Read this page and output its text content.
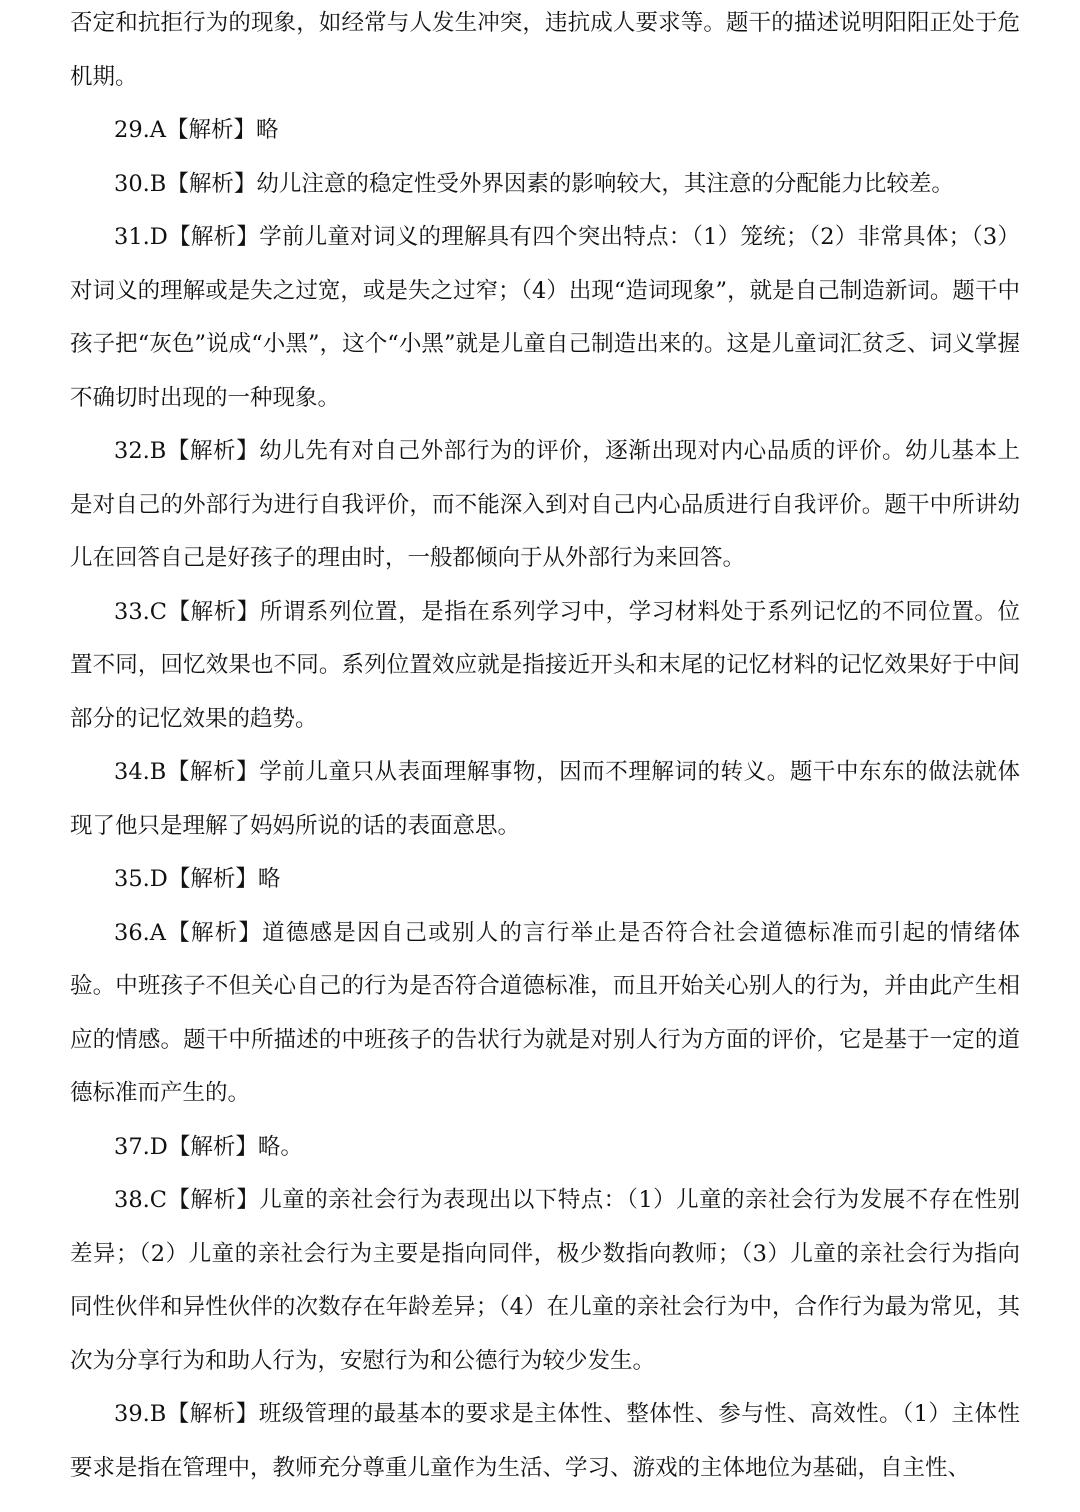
否定和抗拒行为的现象，如经常与人发生冲突，违抗成人要求等。题干的描述说明阳阳正处于危机期。

29.A【解析】略

30.B【解析】幼儿注意的稳定性受外界因素的影响较大，其注意的分配能力比较差。

31.D【解析】学前儿童对词义的理解具有四个突出特点：（1）笼统；（2）非常具体；（3）对词义的理解或是失之过宽，或是失之过窄；（4）出现“造词现象”，就是自己制造新词。题干中孩子把“灰色”说成“小黑”，这个“小黑”就是儿童自己制造出来的。这是儿童词汇贫乏、词义掌握不确切时出现的一种现象。

32.B【解析】幼儿先有对自己外部行为的评价，逐渐出现对内心品质的评价。幼儿基本上是对自己的外部行为进行自我评价，而不能深入到对自己内心品质进行自我评价。题干中所讲幼儿在回答自己是好孩子的理由时，一般都倾向于从外部行为来回答。

33.C【解析】所谓系列位置，是指在系列学习中，学习材料处于系列记忆的不同位置。位置不同，回忆效果也不同。系列位置效应就是指接近开头和末尾的记忆材料的记忆效果好于中间部分的记忆效果的趋势。

34.B【解析】学前儿童只从表面理解事物，因而不理解词的转义。题干中东东的做法就体现了他只是理解了妈妈所说的话的表面意思。

35.D【解析】略

36.A【解析】道德感是因自己或别人的言行举止是否符合社会道德标准而引起的情绪体验。中班孩子不但关心自己的行为是否符合道德标准，而且开始关心别人的行为，并由此产生相应的情感。题干中所描述的中班孩子的告状行为就是对别人行为方面的评价，它是基于一定的道德标准而产生的。

37.D【解析】略。

38.C【解析】儿童的亲社会行为表现出以下特点：（1）儿童的亲社会行为发展不存在性别差异；（2）儿童的亲社会行为主要是指向同伴，极少数指向教师；（3）儿童的亲社会行为指向同性伙伴和异性伙伴的次数存在年龄差异；（4）在儿童的亲社会行为中，合作行为最为常见，其次为分享行为和助人行为，安慰行为和公德行为较少发生。

39.B【解析】班级管理的最基本的要求是主体性、整体性、参与性、高效性。（1）主体性要求是指在管理中，教师充分尊重儿童作为生活、学习、游戏的主体地位为基础，自主性、
